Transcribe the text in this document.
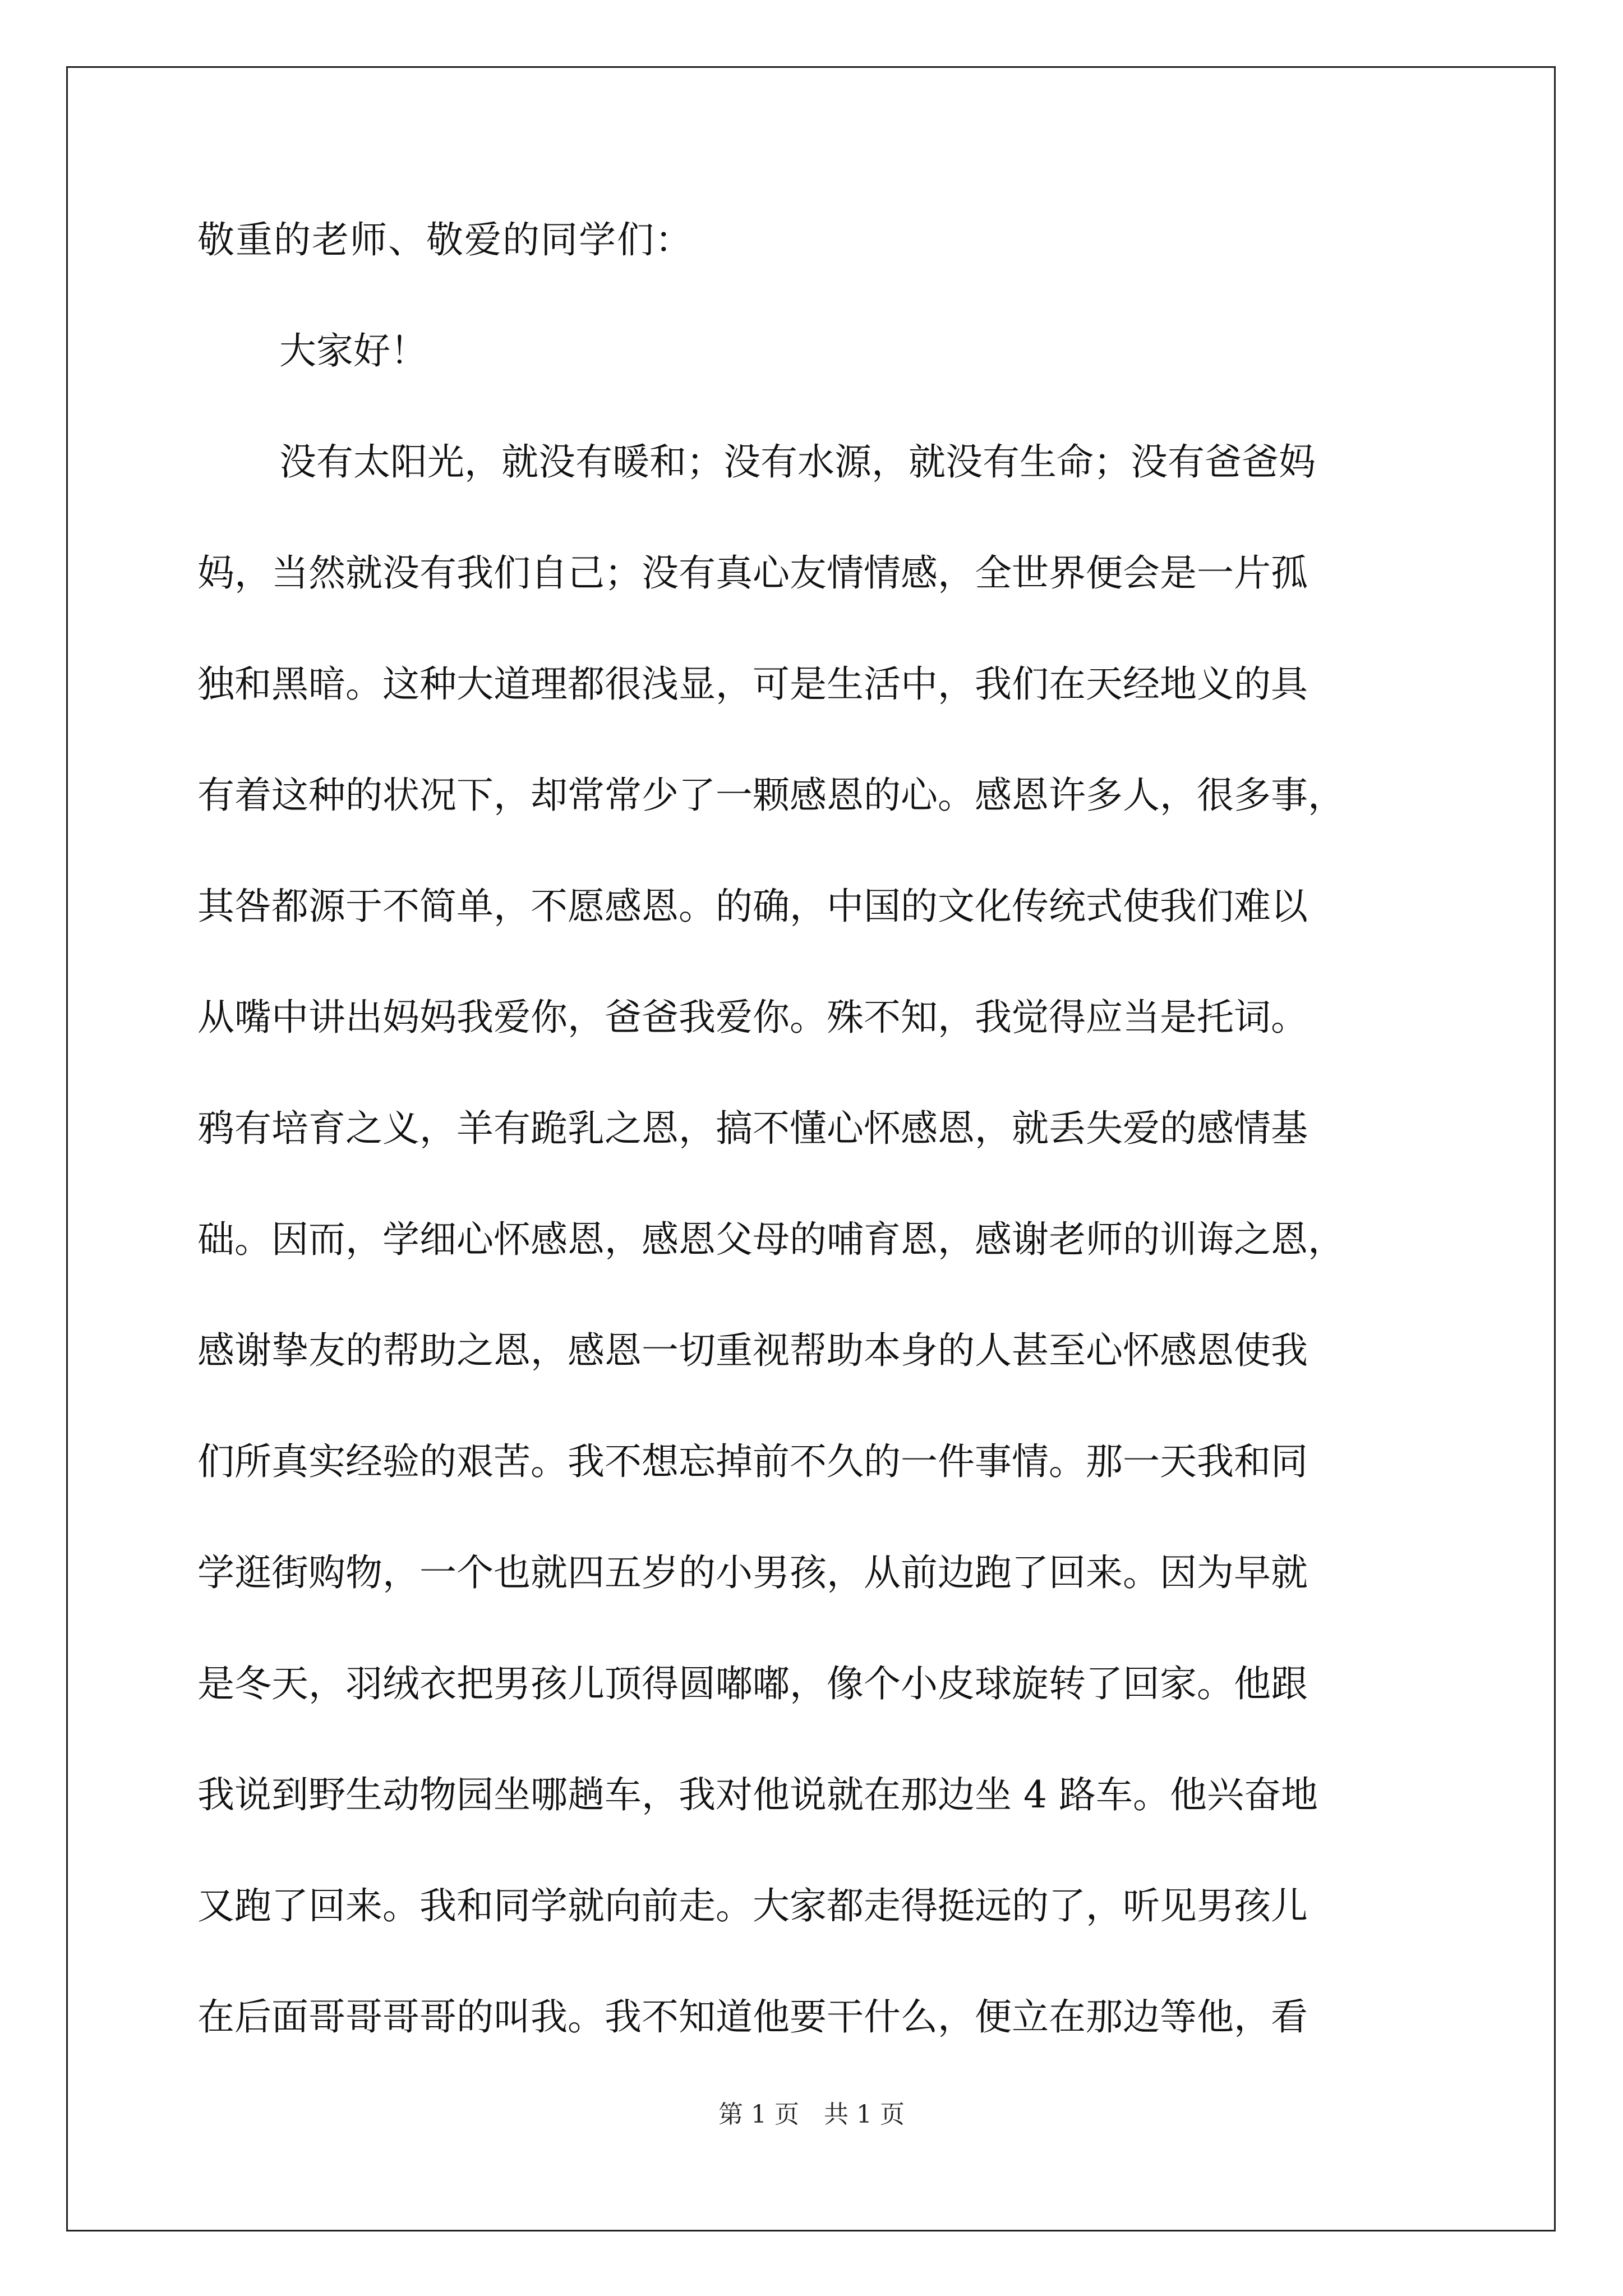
敬重的老师、敬爱的同学们：
大家好！
没有太阳光，就没有暖和；没有水源，就没有生命；没有爸爸妈
妈，当然就没有我们自己；没有真心友情情感，全世界便会是一片孤
独和黑暗。这种大道理都很浅显，可是生活中，我们在天经地义的具
有着这种的状况下，却常常少了一颗感恩的心。感恩许多人，很多事，
其咎都源于不简单，不愿感恩。的确，中国的文化传统式使我们难以
从嘴中讲出妈妈我爱你，爸爸我爱你。殊不知，我觉得应当是托词。
鸦有培育之义，羊有跪乳之恩，搞不懂心怀感恩，就丢失爱的感情基
础。因而，学细心怀感恩，感恩父母的哺育恩，感谢老师的训诲之恩，
感谢挚友的帮助之恩，感恩一切重视帮助本身的人甚至心怀感恩使我
们所真实经验的艰苦。我不想忘掉前不久的一件事情。那一天我和同
学逛街购物，一个也就四五岁的小男孩，从前边跑了回来。因为早就
是冬天，羽绒衣把男孩儿顶得圆嘟嘟，像个小皮球旋转了回家。他跟
我说到野生动物园坐哪趟车，我对他说就在那边坐 4 路车。他兴奋地
又跑了回来。我和同学就向前走。大家都走得挺远的了，听见男孩儿
在后面哥哥哥哥的叫我。我不知道他要干什么，便立在那边等他，看
第 1 页 共 1 页
